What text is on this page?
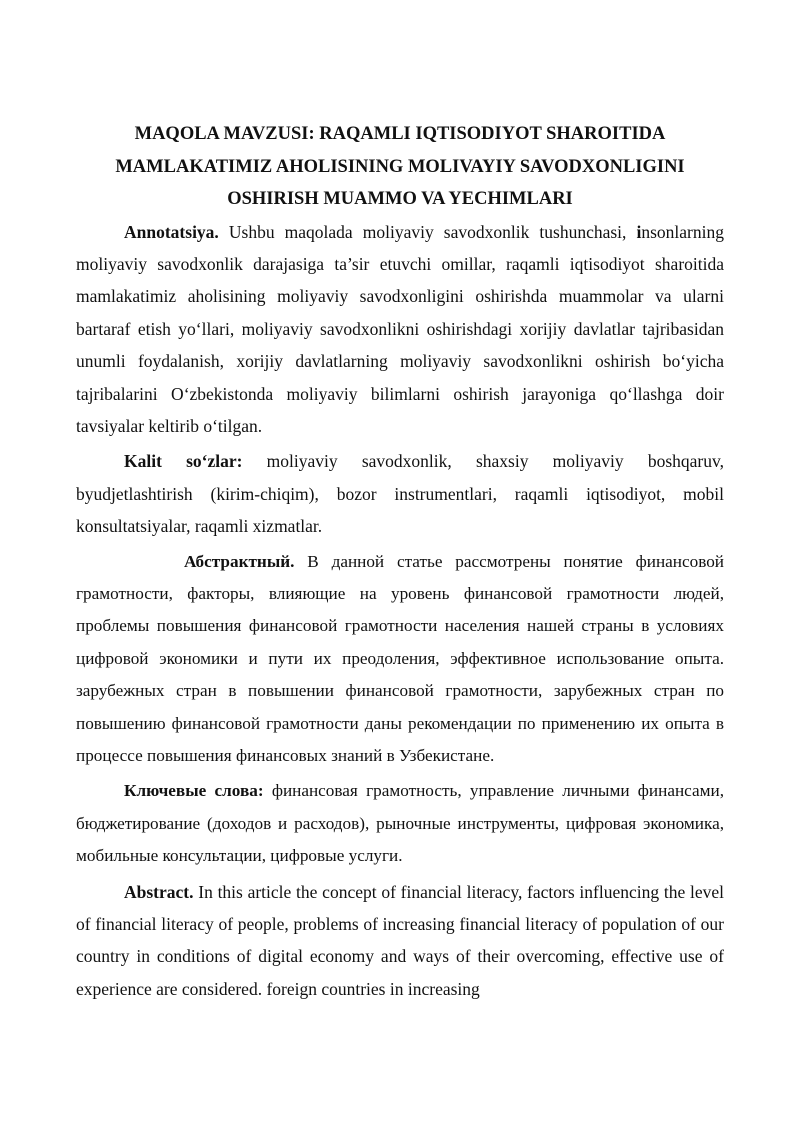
MAQOLA MAVZUSI: RAQAMLI IQTISODIYOT SHAROITIDA
MAMLAKATIMIZ AHOLISINING MOLIVAYIY SAVODXONLIGINI
OSHIRISH MUAMMO VA YECHIMLARI

Annotatsiya. Ushbu maqolada moliyaviy savodxonlik tushunchasi, insonlarning moliyaviy savodxonlik darajasiga ta’sir etuvchi omillar, raqamli iqtisodiyot sharoitida mamlakatimiz aholisining moliyaviy savodxonligini oshirishda muammolar va ularni bartaraf etish yo‘llari, moliyaviy savodxonlikni oshirishdagi xorijiy davlatlar tajribasidan unumli foydalanish, xorijiy davlatlarning moliyaviy savodxonlikni oshirish bo‘yicha tajribalarini O‘zbekistonda moliyaviy bilimlarni oshirish jarayoniga qo‘llashga doir tavsiyalar keltirib o‘tilgan.

Kalit so‘zlar: moliyaviy savodxonlik, shaxsiy moliyaviy boshqaruv, byudjetlashtirish (kirim-chiqim), bozor instrumentlari, raqamli iqtisodiyot, mobil konsultatsiyalar, raqamli xizmatlar.

Абстрактный. В данной статье рассмотрены понятие финансовой грамотности, факторы, влияющие на уровень финансовой грамотности людей, проблемы повышения финансовой грамотности населения нашей страны в условиях цифровой экономики и пути их преодоления, эффективное использование опыта. зарубежных стран в повышении финансовой грамотности, зарубежных стран по повышению финансовой грамотности даны рекомендации по применению их опыта в процессе повышения финансовых знаний в Узбекистане.

Ключевые слова: финансовая грамотность, управление личными финансами, бюджетирование (доходов и расходов), рыночные инструменты, цифровая экономика, мобильные консультации, цифровые услуги.

Abstract. In this article the concept of financial literacy, factors influencing the level of financial literacy of people, problems of increasing financial literacy of population of our country in conditions of digital economy and ways of their overcoming, effective use of experience are considered. foreign countries in increasing
